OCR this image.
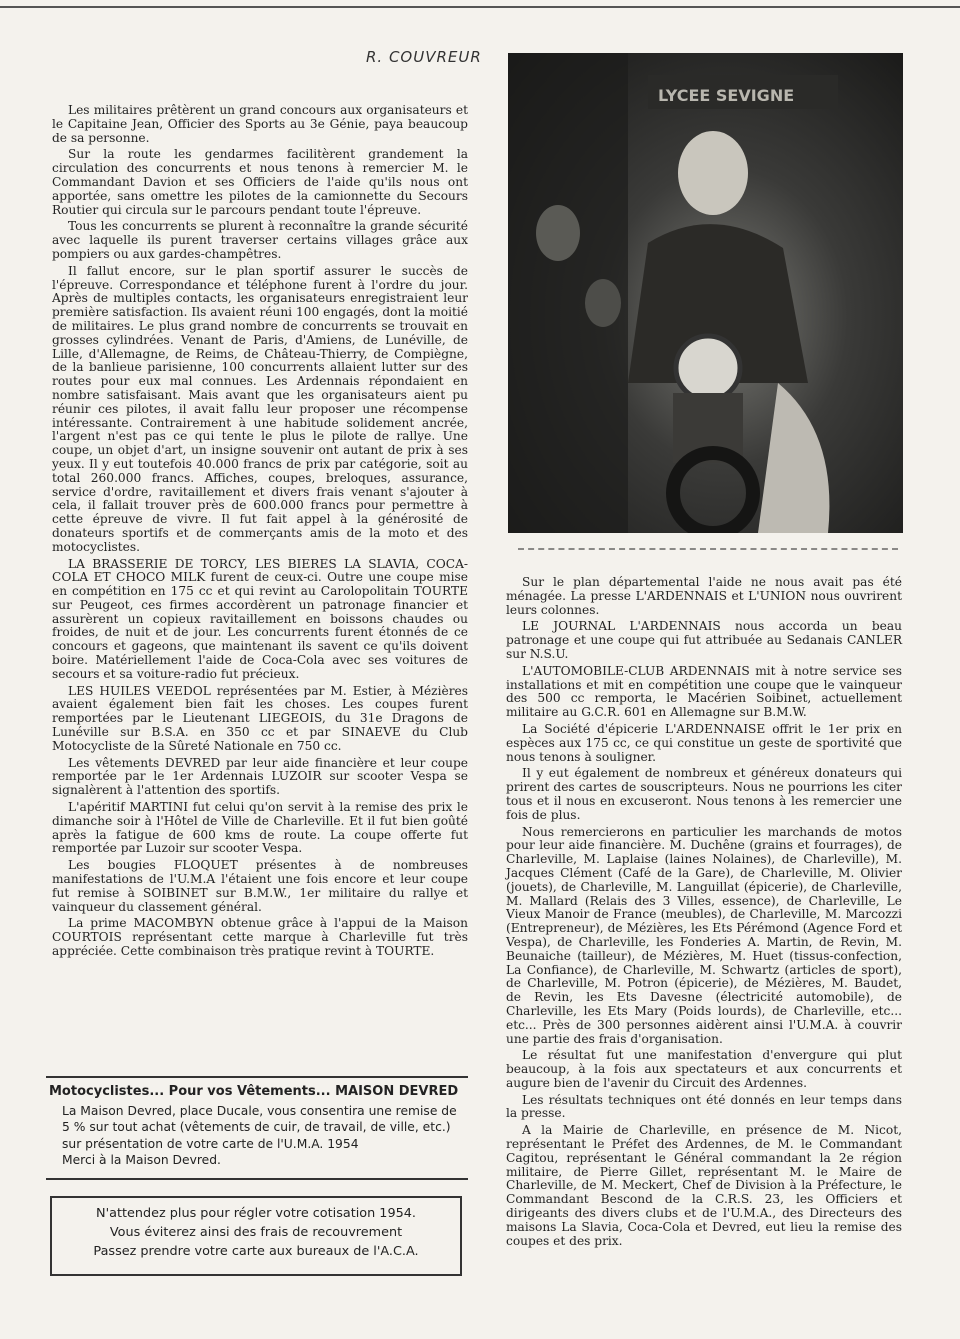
R. COUVREUR

Les militaires prêtèrent un grand concours aux organisateurs et le Capitaine Jean, Officier des Sports au 3e Génie, paya beaucoup de sa personne.

Sur la route les gendarmes facilitèrent grandement la circulation des concurrents et nous tenons à remercier M. le Commandant Davion et ses Officiers de l'aide qu'ils nous ont apportée, sans omettre les pilotes de la camionnette du Secours Routier qui circula sur le parcours pendant toute l'épreuve.

Tous les concurrents se plurent à reconnaître la grande sécurité avec laquelle ils purent traverser certains villages grâce aux pompiers ou aux gardes-champêtres.

Il fallut encore, sur le plan sportif assurer le succès de l'épreuve. Correspondance et téléphone furent à l'ordre du jour. Après de multiples contacts, les organisateurs enregistraient leur première satisfaction. Ils avaient réuni 100 engagés, dont la moitié de militaires. Le plus grand nombre de concurrents se trouvait en grosses cylindrées. Venant de Paris, d'Amiens, de Lunéville, de Lille, d'Allemagne, de Reims, de Château-Thierry, de Compiègne, de la banlieue parisienne, 100 concurrents allaient lutter sur des routes pour eux mal connues. Les Ardennais répondaient en nombre satisfaisant. Mais avant que les organisateurs aient pu réunir ces pilotes, il avait fallu leur proposer une récompense intéressante. Contrairement à une habitude solidement ancrée, l'argent n'est pas ce qui tente le plus le pilote de rallye. Une coupe, un objet d'art, un insigne souvenir ont autant de prix à ses yeux. Il y eut toutefois 40.000 francs de prix par catégorie, soit au total 260.000 francs. Affiches, coupes, breloques, assurance, service d'ordre, ravitaillement et divers frais venant s'ajouter à cela, il fallait trouver près de 600.000 francs pour permettre à cette épreuve de vivre. Il fut fait appel à la générosité de donateurs sportifs et de commerçants amis de la moto et des motocyclistes.

LA BRASSERIE DE TORCY, LES BIERES LA SLAVIA, COCA-COLA ET CHOCO MILK furent de ceux-ci. Outre une coupe mise en compétition en 175 cc et qui revint au Carolopolitain TOURTE sur Peugeot, ces firmes accordèrent un patronage financier et assurèrent un copieux ravitaillement en boissons chaudes ou froides, de nuit et de jour. Les concurrents furent étonnés de ce concours et gageons, que maintenant ils savent ce qu'ils doivent boire. Matériellement l'aide de Coca-Cola avec ses voitures de secours et sa voiture-radio fut précieux.

LES HUILES VEEDOL représentées par M. Estier, à Mézières avaient également bien fait les choses. Les coupes furent remportées par le Lieutenant LIEGEOIS, du 31e Dragons de Lunéville sur B.S.A. en 350 cc et par SINAEVE du Club Motocycliste de la Sûreté Nationale en 750 cc.

Les vêtements DEVRED par leur aide financière et leur coupe remportée par le 1er Ardennais LUZOIR sur scooter Vespa se signalèrent à l'attention des sportifs.

L'apéritif MARTINI fut celui qu'on servit à la remise des prix le dimanche soir à l'Hôtel de Ville de Charleville. Et il fut bien goûté après la fatigue de 600 kms de route. La coupe offerte fut remportée par Luzoir sur scooter Vespa.

Les bougies FLOQUET présentes à de nombreuses manifestations de l'U.M.A l'étaient une fois encore et leur coupe fut remise à SOIBINET sur B.M.W., 1er militaire du rallye et vainqueur du classement général.

La prime MACOMBYN obtenue grâce à l'appui de la Maison COURTOIS représentant cette marque à Charleville fut très appréciée. Cette combinaison très pratique revint à TOURTE.

LYCEE SEVIGNE

Sur le plan départemental l'aide ne nous avait pas été ménagée. La presse L'ARDENNAIS et L'UNION nous ouvrirent leurs colonnes.

LE JOURNAL L'ARDENNAIS nous accorda un beau patronage et une coupe qui fut attribuée au Sedanais CANLER sur N.S.U.

L'AUTOMOBILE-CLUB ARDENNAIS mit à notre service ses installations et mit en compétition une coupe que le vainqueur des 500 cc remporta, le Macérien Soibinet, actuellement militaire au G.C.R. 601 en Allemagne sur B.M.W.

La Société d'épicerie L'ARDENNAISE offrit le 1er prix en espèces aux 175 cc, ce qui constitue un geste de sportivité que nous tenons à souligner.

Il y eut également de nombreux et généreux donateurs qui prirent des cartes de souscripteurs. Nous ne pourrions les citer tous et il nous en excuseront. Nous tenons à les remercier une fois de plus.

Nous remercierons en particulier les marchands de motos pour leur aide financière. M. Duchêne (grains et fourrages), de Charleville, M. Laplaise (laines Nolaines), de Charleville), M. Jacques Clément (Café de la Gare), de Charleville, M. Olivier (jouets), de Charleville, M. Languillat (épicerie), de Charleville, M. Mallard (Relais des 3 Villes, essence), de Charleville, Le Vieux Manoir de France (meubles), de Charleville, M. Marcozzi (Entrepreneur), de Mézières, les Ets Pérémond (Agence Ford et Vespa), de Charleville, les Fonderies A. Martin, de Revin, M. Beunaiche (tailleur), de Mézières, M. Huet (tissus-confection, La Confiance), de Charleville, M. Schwartz (articles de sport), de Charleville, M. Potron (épicerie), de Mézières, M. Baudet, de Revin, les Ets Davesne (électricité automobile), de Charleville, les Ets Mary (Poids lourds), de Charleville, etc... etc... Près de 300 personnes aidèrent ainsi l'U.M.A. à couvrir une partie des frais d'organisation.

Le résultat fut une manifestation d'envergure qui plut beaucoup, à la fois aux spectateurs et aux concurrents et augure bien de l'avenir du Circuit des Ardennes.

Les résultats techniques ont été donnés en leur temps dans la presse.

A la Mairie de Charleville, en présence de M. Nicot, représentant le Préfet des Ardennes, de M. le Commandant Cagitou, représentant le Général commandant la 2e région militaire, de Pierre Gillet, représentant M. le Maire de Charleville, de M. Meckert, Chef de Division à la Préfecture, le Commandant Bescond de la C.R.S. 23, les Officiers et dirigeants des divers clubs et de l'U.M.A., des Directeurs des maisons La Slavia, Coca-Cola et Devred, eut lieu la remise des coupes et des prix.

Motocyclistes... Pour vos Vêtements... MAISON DEVRED
La Maison Devred, place Ducale, vous consentira une remise de 5 % sur tout achat (vêtements de cuir, de travail, de ville, etc.) sur présentation de votre carte de l'U.M.A. 1954
Merci à la Maison Devred.
N'attendez plus pour régler votre cotisation 1954.
Vous éviterez ainsi des frais de recouvrement
Passez prendre votre carte aux bureaux de l'A.C.A.
